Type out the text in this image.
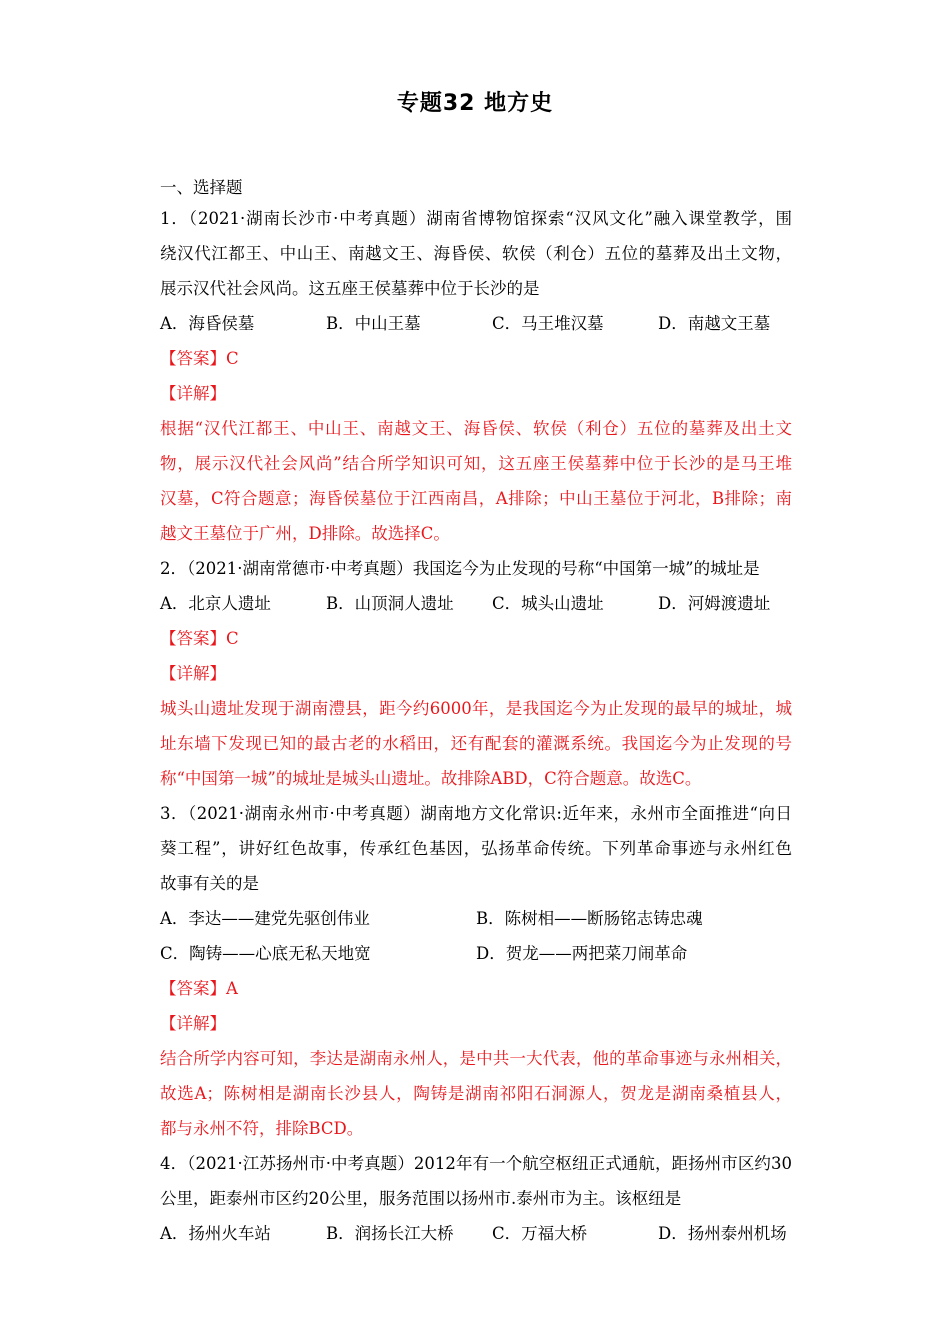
专题32 地方史
一、选择题
1．（2021·湖南长沙市·中考真题）湖南省博物馆探索“汉风文化”融入课堂教学，围
绕汉代江都王、中山王、南越文王、海昏侯、软侯（利仓）五位的墓葬及出土文物，
展示汉代社会风尚。这五座王侯墓葬中位于长沙的是
A．海昏侯墓	B．中山王墓	C．马王堆汉墓	D．南越文王墓
【答案】C
【详解】
根据“汉代江都王、中山王、南越文王、海昏侯、软侯（利仓）五位的墓葬及出土文
物，展示汉代社会风尚”结合所学知识可知，这五座王侯墓葬中位于长沙的是马王堆
汉墓，C符合题意；海昏侯墓位于江西南昌，A排除；中山王墓位于河北，B排除；南
越文王墓位于广州，D排除。故选择C。
2．（2021·湖南常德市·中考真题）我国迄今为止发现的号称“中国第一城”的城址是
A．北京人遗址	B．山顶洞人遗址	C．城头山遗址	D．河姆渡遗址
【答案】C
【详解】
城头山遗址发现于湖南澧县，距今约6000年，是我国迄今为止发现的最早的城址，城
址东墙下发现已知的最古老的水稻田，还有配套的灌溉系统。我国迄今为止发现的号
称“中国第一城”的城址是城头山遗址。故排除ABD，C符合题意。故选C。
3．（2021·湖南永州市·中考真题）湖南地方文化常识:近年来，永州市全面推进“向日
葵工程”，讲好红色故事，传承红色基因，弘扬革命传统。下列革命事迹与永州红色
故事有关的是
A．李达——建党先驱创伟业	B．陈树相——断肠铭志铸忠魂
C．陶铸——心底无私天地宽	D．贺龙——两把菜刀闹革命
【答案】A
【详解】
结合所学内容可知，李达是湖南永州人，是中共一大代表，他的革命事迹与永州相关，
故选A；陈树相是湖南长沙县人，陶铸是湖南祁阳石洞源人，贺龙是湖南桑植县人，
都与永州不符，排除BCD。
4．（2021·江苏扬州市·中考真题）2012年有一个航空枢纽正式通航，距扬州市区约30
公里，距泰州市区约20公里，服务范围以扬州市.泰州市为主。该枢纽是
A．扬州火车站	B．润扬长江大桥	C．万福大桥	D．扬州泰州机场
